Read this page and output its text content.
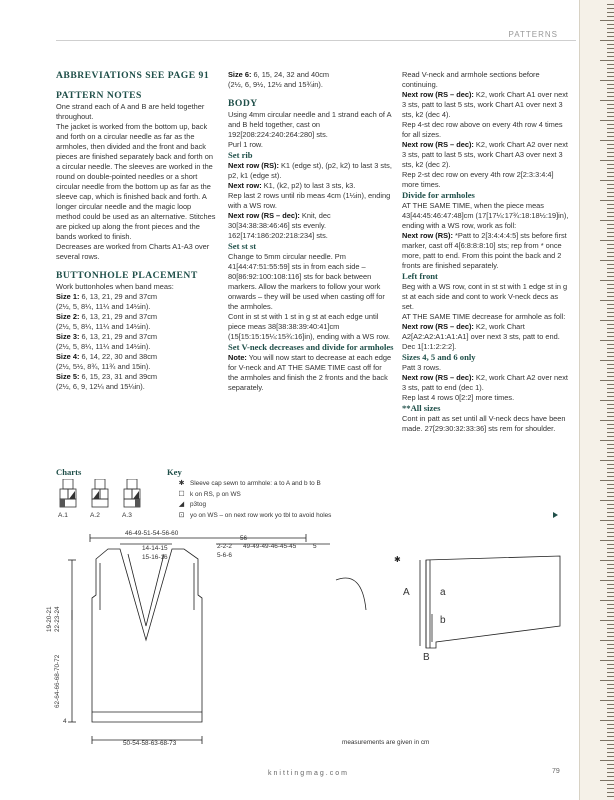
PATTERNS

ABBREVIATIONS SEE PAGE 91

PATTERN NOTES

One strand each of A and B are held together throughout.

The jacket is worked from the bottom up, back and forth on a circular needle as far as the armholes, then divided and the front and back pieces are finished separately back and forth on a circular needle. The sleeves are worked in the round on double-pointed needles or a short circular needle from the bottom up as far as the sleeve cap, which is finished back and forth. A longer circular needle and the magic loop method could be used as an alternative. Stitches are picked up along the front pieces and the bands worked to finish.

Decreases are worked from Charts A1-A3 over several rows.

BUTTONHOLE PLACEMENT

Work buttonholes when band meas:

Size 1: 6, 13, 21, 29 and 37cm

(2½, 5, 8¼, 11¼ and 14½in).

Size 2: 6, 13, 21, 29 and 37cm

(2½, 5, 8¼, 11¼ and 14½in).

Size 3: 6, 13, 21, 29 and 37cm

(2½, 5, 8¼, 11¼ and 14½in).

Size 4: 6, 14, 22, 30 and 38cm

(2½, 5½, 8¾, 11¾ and 15in).

Size 5: 6, 15, 23, 31 and 39cm

(2½, 6, 9, 12¼ and 15¼in).

Size 6: 6, 15, 24, 32 and 40cm

(2½, 6, 9½, 12½ and 15¾in).

BODY

Using 4mm circular needle and 1 strand each of A and B held together, cast on 192[208:224:240:264:280] sts.

Purl 1 row.

Set rib

Next row (RS): K1 (edge st), (p2, k2) to last 3 sts, p2, k1 (edge st).

Next row: K1, (k2, p2) to last 3 sts, k3.

Rep last 2 rows until rib meas 4cm (1½in), ending with a WS row.

Next row (RS – dec): Knit, dec 30[34:38:38:46:46] sts evenly. 162[174:186:202:218:234] sts.

Set st st

Change to 5mm circular needle. Pm 41[44:47:51:55:59] sts in from each side – 80[86:92:100:108:116] sts for back between markers. Allow the markers to follow your work onwards – they will be used when casting off for the armholes.

Cont in st st with 1 st in g st at each edge until piece meas 38[38:38:39:40:41]cm (15[15:15:15¼:15¾:16]in), ending with a WS row.

Set V-neck decreases and divide for armholes

Note: You will now start to decrease at each edge for V-neck and AT THE SAME TIME cast off for the armholes and finish the 2 fronts and the back separately.

Read V-neck and armhole sections before continuing.

Next row (RS – dec): K2, work Chart A1 over next 3 sts, patt to last 5 sts, work Chart A1 over next 3 sts, k2 (dec 4).

Rep 4-st dec row above on every 4th row 4 times for all sizes.

Next row (RS – dec): K2, work Chart A2 over next 3 sts, patt to last 5 sts, work Chart A3 over next 3 sts, k2 (dec 2).

Rep 2-st dec row on every 4th row 2[2:3:3:4:4] more times.

Divide for armholes

AT THE SAME TIME, when the piece meas 43[44:45:46:47:48]cm (17[17¼:17¾:18:18½:19]in), ending with a WS row, work as foll:

Next row (RS): *Patt to 2[3:4:4:4:5] sts before first marker, cast off 4[6:8:8:8:10] sts; rep from * once more, patt to end. From this point the back and 2 fronts are finished separately.

Left front

Beg with a WS row, cont in st st with 1 edge st in g st at each side and cont to work V-neck decs as set.

AT THE SAME TIME decrease for armhole as foll:

Next row (RS – dec): K2, work Chart A2[A2:A2:A1:A1:A1] over next 3 sts, patt to end. Dec 1[1:1:2:2:2].

Sizes 4, 5 and 6 only

Patt 3 rows.

Next row (RS – dec): K2, work Chart A2 over next 3 sts, patt to end (dec 1).

Rep last 4 rows 0[2:2] more times.

**All sizes

Cont in patt as set until all V-neck decs have been made. 27[29:30:32:33:36] sts rem for shoulder.

Charts	Key
A.1	A.2	A.3
✱ Sleeve cap sewn to armhole: a to A and b to B
☐ k on RS, p on WS
◢ p3tog
⊡ yo on WS – on next row work yo tbl to avoid holes
✱
46-49-51-54-56-60
14-14-15
15-16-16
56
2-2-2 49-49-49-46-45-45	5
5-6-6
19-20-21 22-23-24
62-64-66-68-70-72
4
50-54-58-63-68-73
A	a
b
B
measurements are given in cm
knittingmag.com	79
